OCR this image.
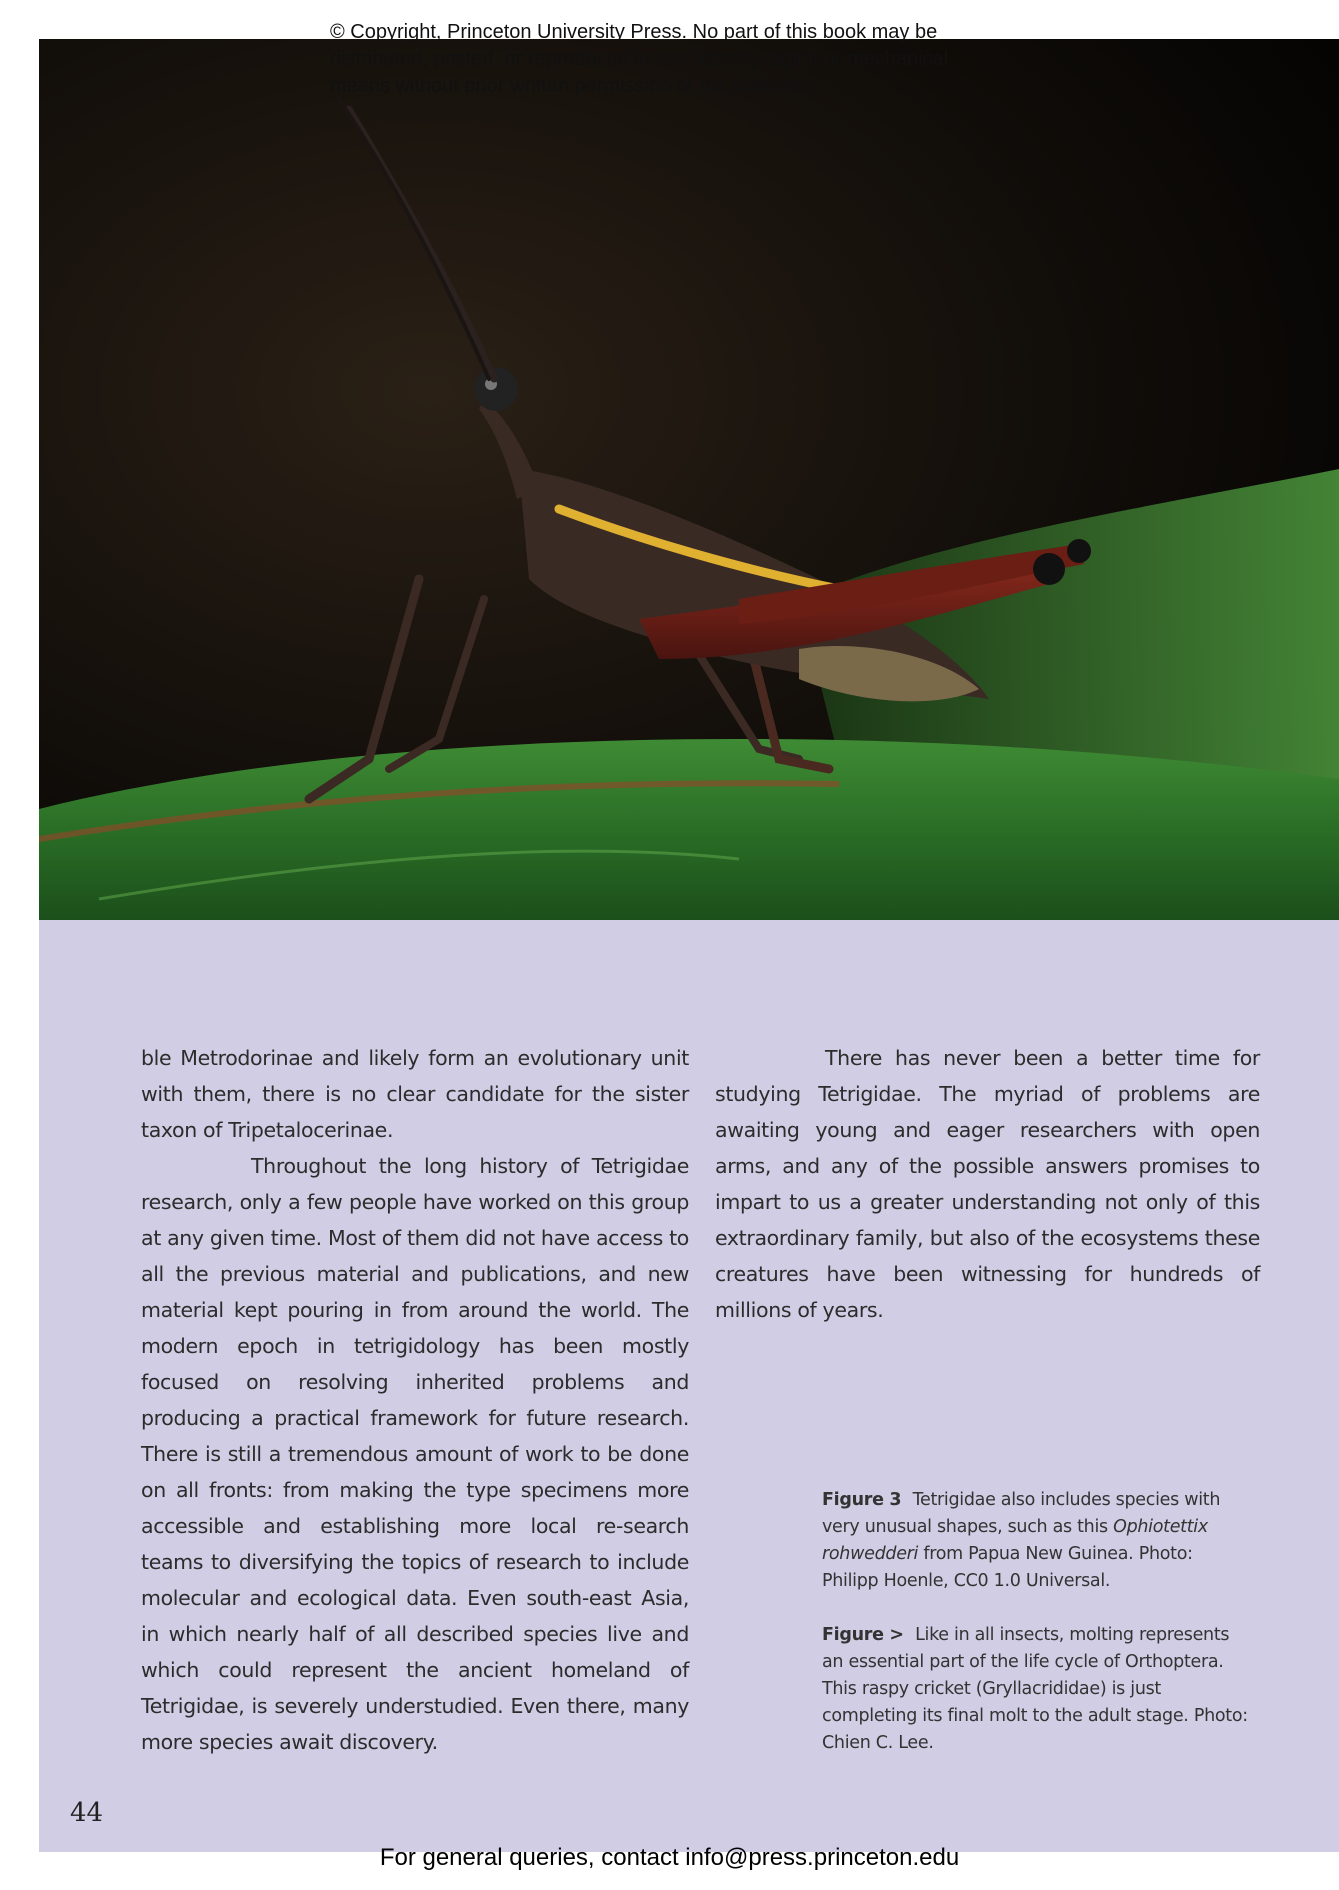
© Copyright, Princeton University Press. No part of this book may be
distributed, posted, or reproduced in any form by digital or mechanical
means without prior written permission of the publisher.

ble Metrodorinae and likely form an evolutionary unit with them, there is no clear candidate for the sister taxon of Tripetalocerinae.

Throughout the long history of Tetrigidae research, only a few people have worked on this group at any given time. Most of them did not have access to all the previous material and publications, and new material kept pouring in from around the world. The modern epoch in tetrigidology has been mostly focused on resolving inherited problems and producing a practical framework for future research. There is still a tremendous amount of work to be done on all fronts: from making the type specimens more accessible and establishing more local re-search teams to diversifying the topics of research to include molecular and ecological data. Even south-east Asia, in which nearly half of all described species live and which could represent the ancient homeland of Tetrigidae, is severely understudied. Even there, many more species await discovery.

There has never been a better time for studying Tetrigidae. The myriad of problems are awaiting young and eager researchers with open arms, and any of the possible answers promises to impart to us a greater understanding not only of this extraordinary family, but also of the ecosystems these creatures have been witnessing for hundreds of millions of years.

Figure 3 Tetrigidae also includes species with very unusual shapes, such as this Ophiotettix rohwedderi from Papua New Guinea. Photo: Philipp Hoenle, CC0 1.0 Universal.

Figure > Like in all insects, molting represents an essential part of the life cycle of Orthoptera. This raspy cricket (Gryllacrididae) is just completing its final molt to the adult stage. Photo: Chien C. Lee.

44
For general queries, contact info@press.princeton.edu
